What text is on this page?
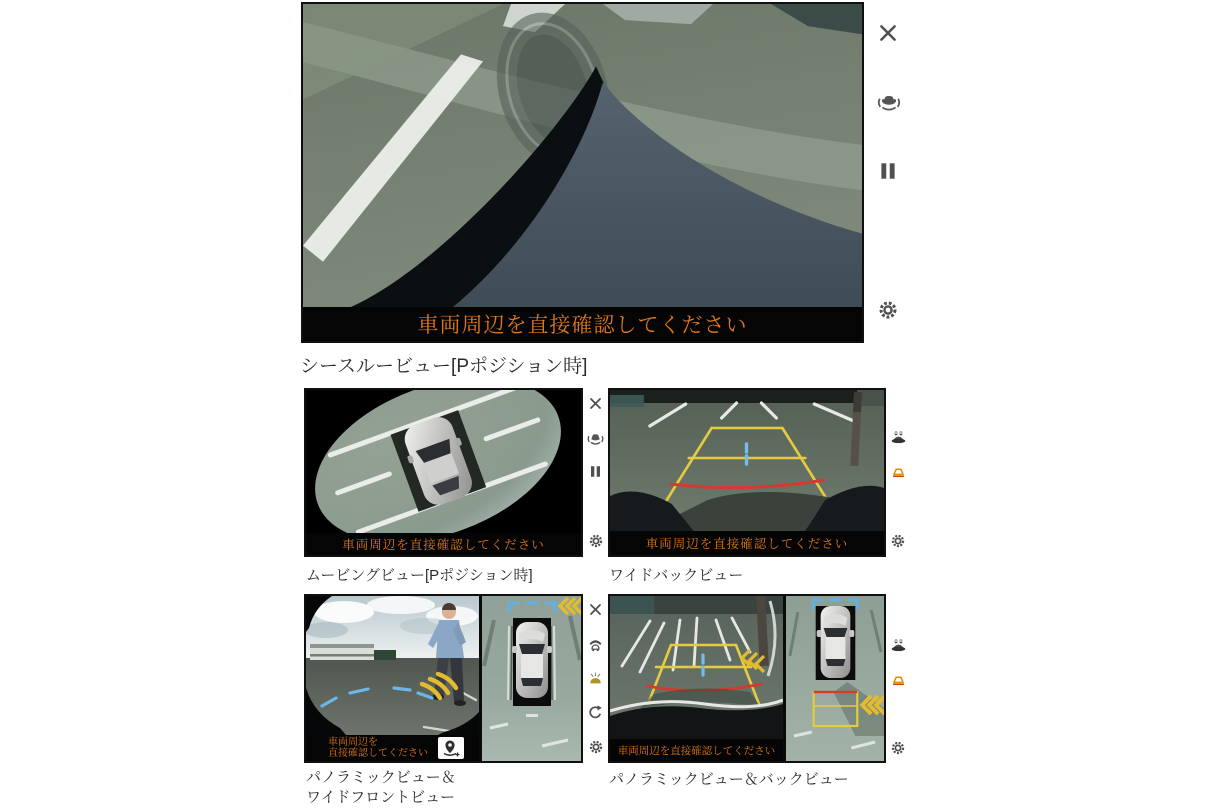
車両周辺を直接確認してください
シースルービュー[Pポジション時]
車両周辺を直接確認してください	車両周辺を直接確認してください
ムービングビュー[Pポジション時]	ワイドバックビュー
車両周辺を
直接確認してください	車両周辺を直接確認してください
パノラミックビュー＆
ワイドフロントビュー
パノラミックビュー＆バックビュー
